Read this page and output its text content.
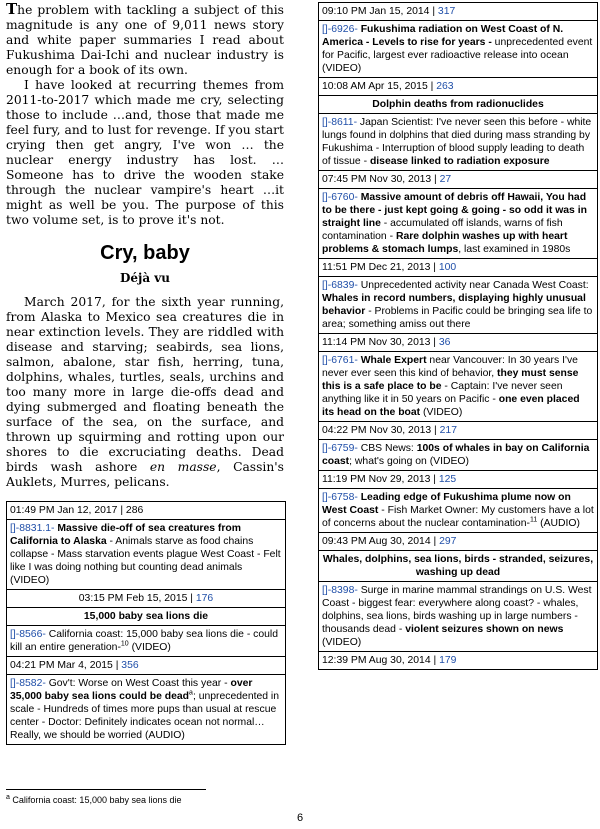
The problem with tackling a subject of this magnitude is any one of 9,011 news story and white paper summaries I read about Fukushima Dai-Ichi and nuclear industry is enough for a book of its own.

I have looked at recurring themes from 2011-to-2017 which made me cry, selecting those to include …and, those that made me feel fury, and to lust for revenge. If you start crying then get angry, I've won … the nuclear energy industry has lost. …Someone has to drive the wooden stake through the nuclear vampire's heart …it might as well be you. The purpose of this two volume set, is to prove it's not.

Cry, baby
Déjà vu

March 2017, for the sixth year running, from Alaska to Mexico sea creatures die in near extinction levels. They are riddled with disease and starving; seabirds, sea lions, salmon, abalone, star fish, herring, tuna, dolphins, whales, turtles, seals, urchins and too many more in large die-offs dead and dying submerged and floating beneath the surface of the sea, on the surface, and thrown up squirming and rotting upon our shores to die excruciating deaths. Dead birds wash ashore en masse, Cassin's Auklets, Murres, pelicans.

01:49 PM Jan 12, 2017 | 286
[]-8831.1- Massive die-off of sea creatures from California to Alaska - Animals starve as food chains collapse - Mass starvation events plague West Coast - Felt like I was doing nothing but counting dead animals (VIDEO)
03:15 PM Feb 15, 2015 | 176
15,000 baby sea lions die
[]-8566- California coast: 15,000 baby sea lions die - could kill an entire generation-$^{10}$ (VIDEO)
04:21 PM Mar 4, 2015 | 356
[]-8582- Gov't: Worse on West Coast this year - over 35,000 baby sea lions could be dead$^a$; unprecedented in scale - Hundreds of times more pups than usual at rescue center - Doctor: Definitely indicates ocean not normal… Really, we should be worried (AUDIO)
09:10 PM Jan 15, 2014 | 317
[]-6926- Fukushima radiation on West Coast of N. America - Levels to rise for years - unprecedented event for Pacific, largest ever radioactive release into ocean (VIDEO)
10:08 AM Apr 15, 2015 | 263
Dolphin deaths from radionuclides
[]-8611- Japan Scientist: I've never seen this before - white lungs found in dolphins that died during mass stranding by Fukushima - Interruption of blood supply leading to death of tissue - disease linked to radiation exposure
07:45 PM Nov 30, 2013 | 27
[]-6760- Massive amount of debris off Hawaii, You had to be there - just kept going & going - so odd it was in straight line - accumulated off islands, warns of fish contamination - Rare dolphin washes up with heart problems & stomach lumps, last examined in 1980s
11:51 PM Dec 21, 2013 | 100
[]-6839- Unprecedented activity near Canada West Coast: Whales in record numbers, displaying highly unusual behavior - Problems in Pacific could be bringing sea life to area; something amiss out there
11:14 PM Nov 30, 2013 | 36
[]-6761- Whale Expert near Vancouver: In 30 years I've never ever seen this kind of behavior, they must sense this is a safe place to be - Captain: I've never seen anything like it in 50 years on Pacific - one even placed its head on the boat (VIDEO)
04:22 PM Nov 30, 2013 | 217
[]-6759- CBS News: 100s of whales in bay on California coast; what's going on (VIDEO)
11:19 PM Nov 29, 2013 | 125
[]-6758- Leading edge of Fukushima plume now on West Coast - Fish Market Owner: My customers have a lot of concerns about the nuclear contamination-$^{11}$ (AUDIO)
09:43 PM Aug 30, 2014 | 297
Whales, dolphins, sea lions, birds - stranded, seizures, washing up dead
[]-8398- Surge in marine mammal strandings on U.S. West Coast - biggest fear: everywhere along coast? - whales, dolphins, sea lions, birds washing up in large numbers - thousands dead - violent seizures shown on news (VIDEO)
12:39 PM Aug 30, 2014 | 179
$^a$ California coast: 15,000 baby sea lions die
6
